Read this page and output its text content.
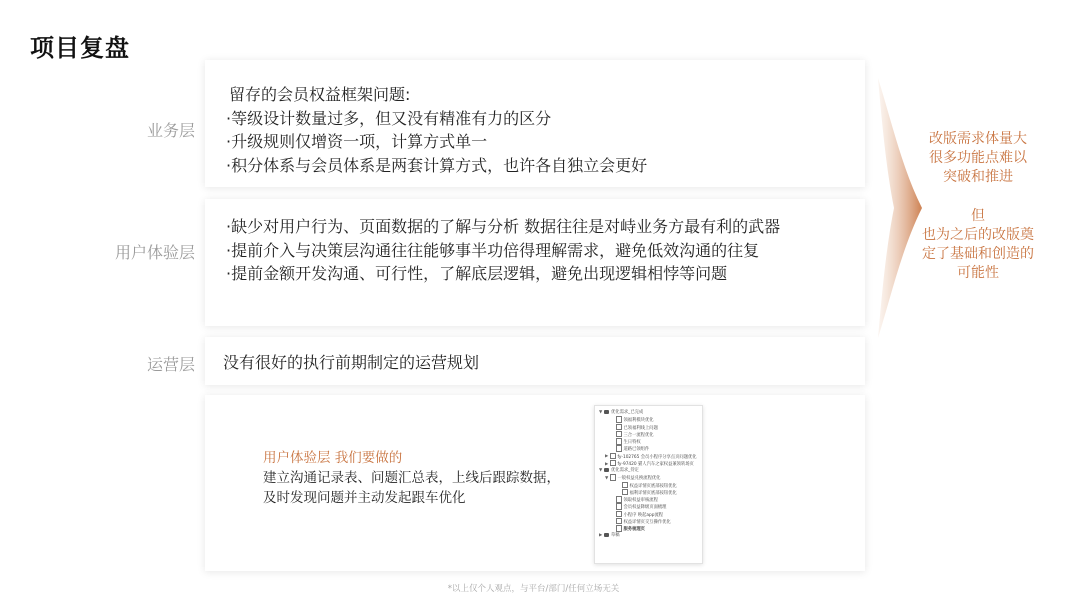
项目复盘
业务层
留存的会员权益框架问题:
·等级设计数量过多，但又没有精准有力的区分
·升级规则仅增资一项，计算方式单一
·积分体系与会员体系是两套计算方式，也许各自独立会更好
用户体验层
·缺少对用户行为、页面数据的了解与分析 数据往往是对峙业务方最有利的武器
·提前介入与决策层沟通往往能够事半功倍得理解需求，避免低效沟通的往复
·提前金额开发沟通、可行性，了解底层逻辑，避免出现逻辑相悖等问题
运营层 没有很好的执行前期制定的运营规划
用户体验层 我们要做的
建立沟通记录表、问题汇总表，上线后跟踪数据，
及时发现问题并主动发起跟车优化
▼ 优化需求_已完成
领福利模块优化
已领福利线上问题
三合一流程优化
生日特权
道路已领组件
▶ fy-102765 会员小程序分享点页问题优化
▶ fy-97420 猫人汽车之家权益兼领转场页
▼ 优化需求_待定
▼ 一般权益兑换流程优化
权益详情页底部按钮优化
福利详情页底部按钮优化
领取权益审核流程
会员权益降级页面梳理
小程序 唤起app流程
权益详情页交互操作优化
服务梳理页
▶ 草稿
改版需求体量大
很多功能点难以
突破和推进
但
也为之后的改版奠
定了基础和创造的
可能性
*以上仅个人观点，与平台/部门/任何立场无关
